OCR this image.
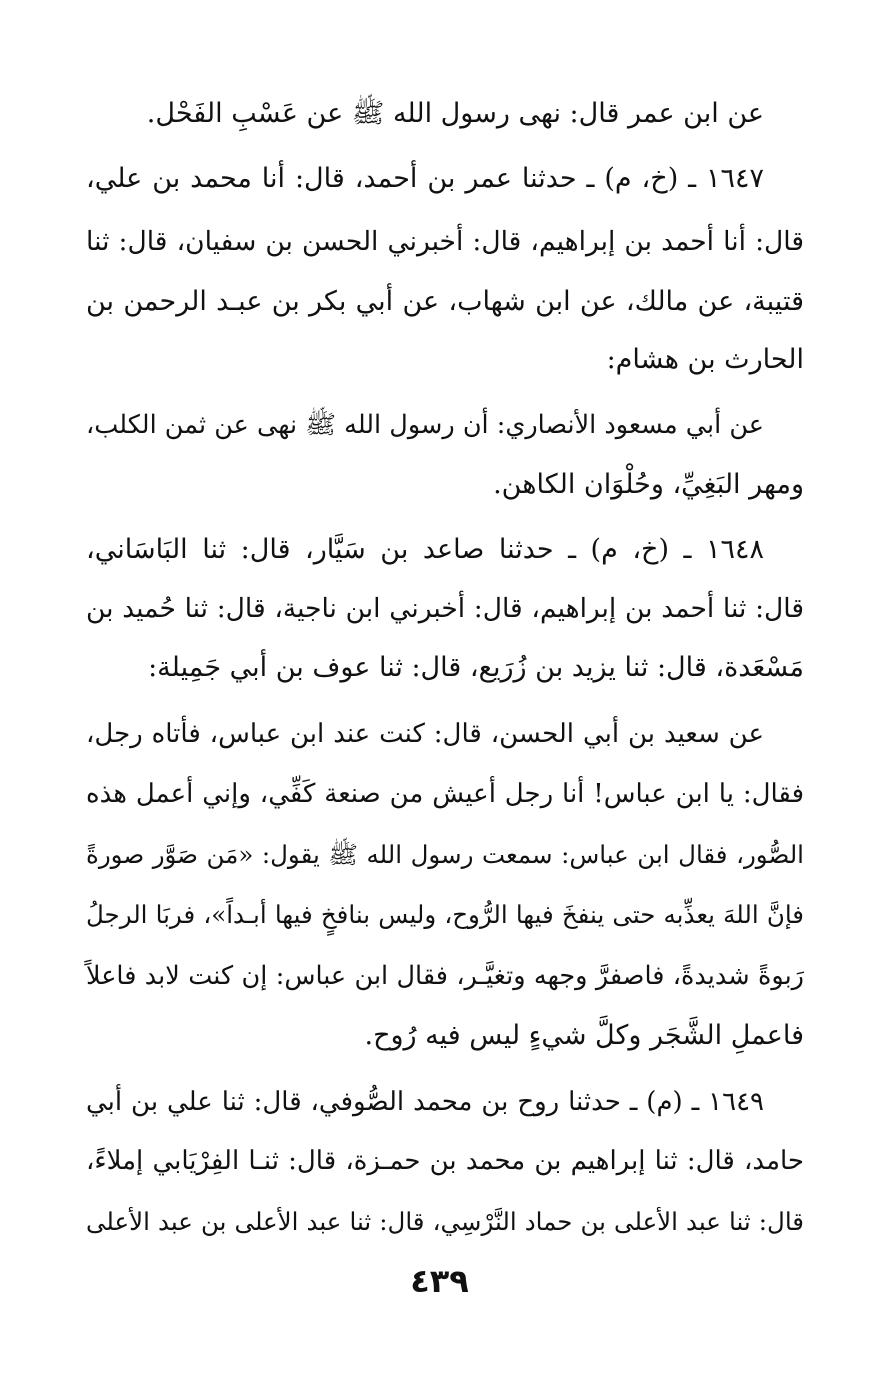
عن ابن عمر قال: نهى رسول الله ﷺ عن عَسْبِ الفَحْل.
١٦٤٧ ـ (خ، م) ـ حدثنا عمر بن أحمد، قال: أنا محمد بن علي،
قال: أنا أحمد بن إبراهيم، قال: أخبرني الحسن بن سفيان، قال: ثنا
قتيبة، عن مالك، عن ابن شهاب، عن أبي بكر بن عبـد الرحمن بن
الحارث بن هشام:
عن أبي مسعود الأنصاري: أن رسول الله ﷺ نهى عن ثمن الكلب،
ومهر البَغِيِّ، وحُلْوَان الكاهن.
١٦٤٨ ـ (خ، م) ـ حدثنا صاعد بن سَيَّار، قال: ثنا البَاسَاني،
قال: ثنا أحمد بن إبراهيم، قال: أخبرني ابن ناجية، قال: ثنا حُميد بن
مَسْعَدة، قال: ثنا يزيد بن زُرَيع، قال: ثنا عوف بن أبي جَمِيلة:
عن سعيد بن أبي الحسن، قال: كنت عند ابن عباس، فأتاه رجل،
فقال: يا ابن عباس! أنا رجل أعيش من صنعة كَفِّي، وإني أعمل هذه
الصُّور، فقال ابن عباس: سمعت رسول الله ﷺ يقول: «مَن صَوَّر صورةً
فإنَّ اللهَ يعذِّبه حتى ينفخَ فيها الرُّوح، وليس بنافخٍ فيها أبـداً»، فربَا الرجلُ
رَبوةً شديدةً، فاصفرَّ وجهه وتغيَّـر، فقال ابن عباس: إن كنت لابد فاعلاً
فاعملِ الشَّجَر وكلَّ شيءٍ ليس فيه رُوح.
١٦٤٩ ـ (م) ـ حدثنا روح بن محمد الصُّوفي، قال: ثنا علي بن أبي
حامد، قال: ثنا إبراهيم بن محمد بن حمـزة، قال: ثنـا الفِرْيَابي إملاءً،
قال: ثنا عبد الأعلى بن حماد النَّرْسِي، قال: ثنا عبد الأعلى بن عبد الأعلى
٤٣٩
